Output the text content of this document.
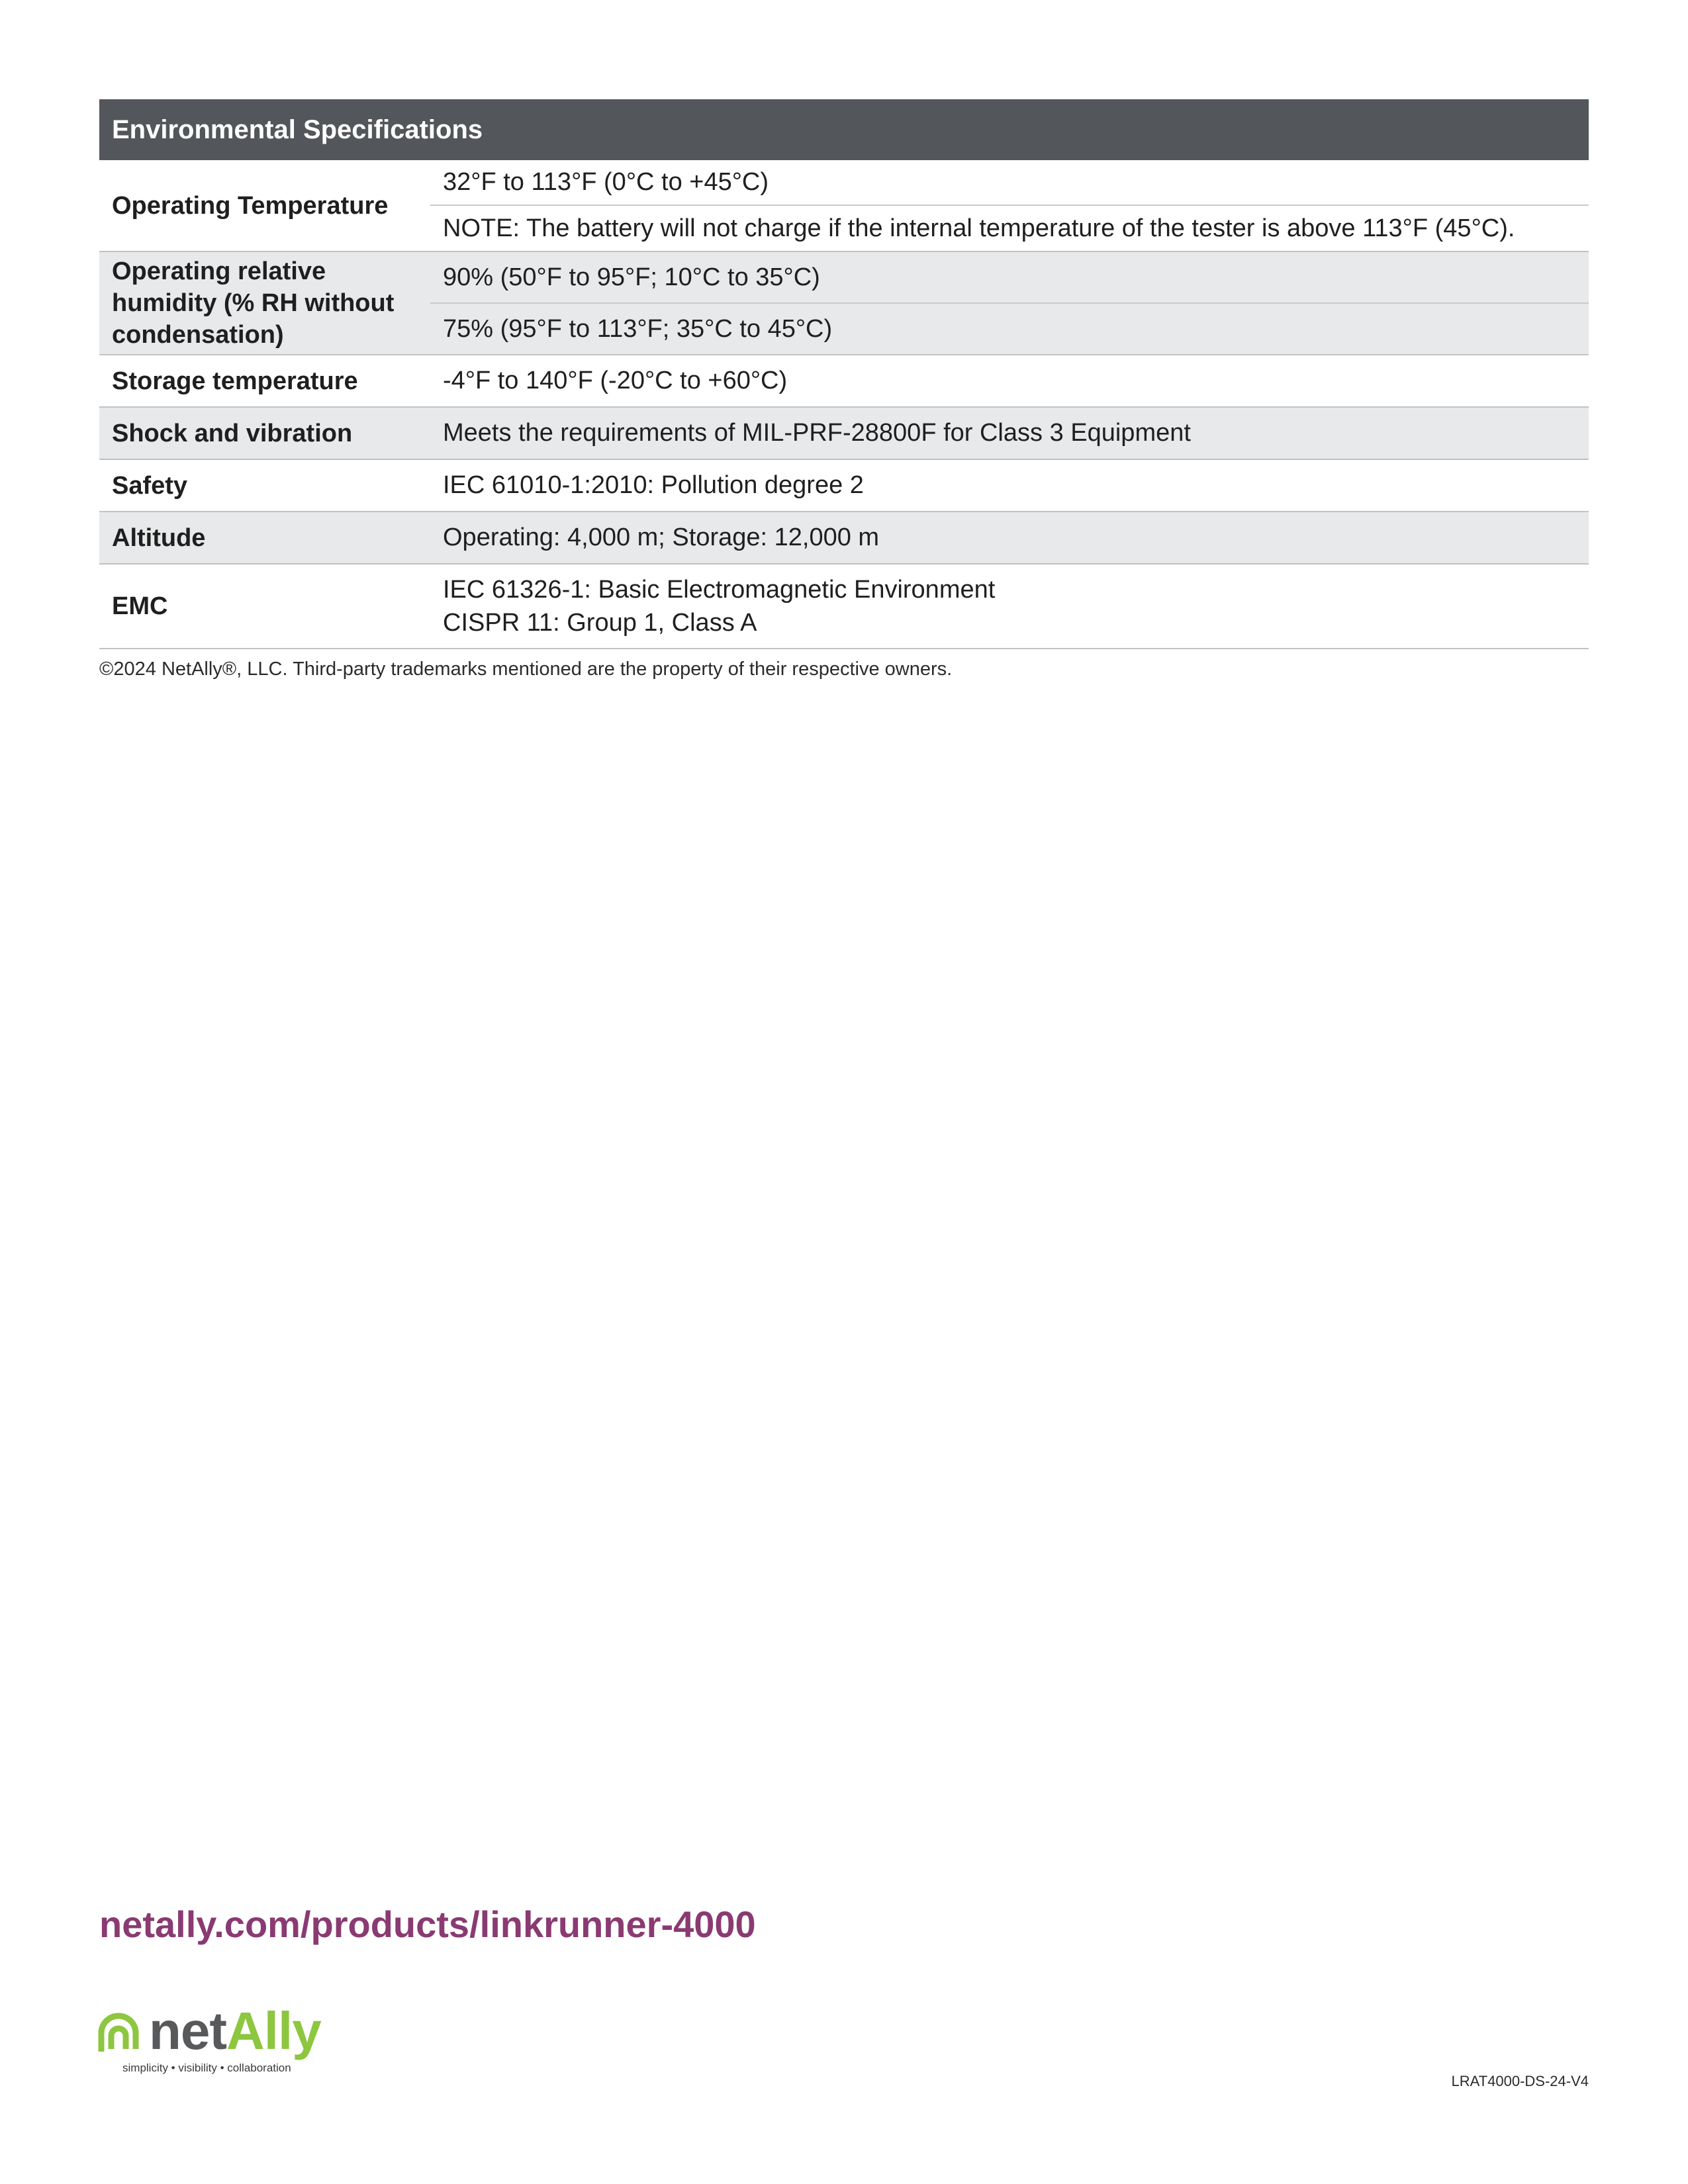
Environmental Specifications	
Operating Temperature	32°F to 113°F (0°C to +45°C)
	NOTE: The battery will not charge if the internal temperature of the tester is above 113°F (45°C).
Operating relative humidity (% RH without condensation)	90% (50°F to 95°F; 10°C to 35°C)
	75% (95°F to 113°F; 35°C to 45°C)
Storage temperature	-4°F to 140°F (-20°C to +60°C)
Shock and vibration	Meets the requirements of MIL-PRF-28800F for Class 3 Equipment
Safety	IEC 61010-1:2010: Pollution degree 2
Altitude	Operating: 4,000 m; Storage: 12,000 m
EMC	IEC 61326-1: Basic Electromagnetic Environment
CISPR 11: Group 1, Class A
©2024 NetAlly®, LLC. Third-party trademarks mentioned are the property of their respective owners.
netally.com/products/linkrunner-4000
netAlly
simplicity • visibility • collaboration
LRAT4000-DS-24-V4
